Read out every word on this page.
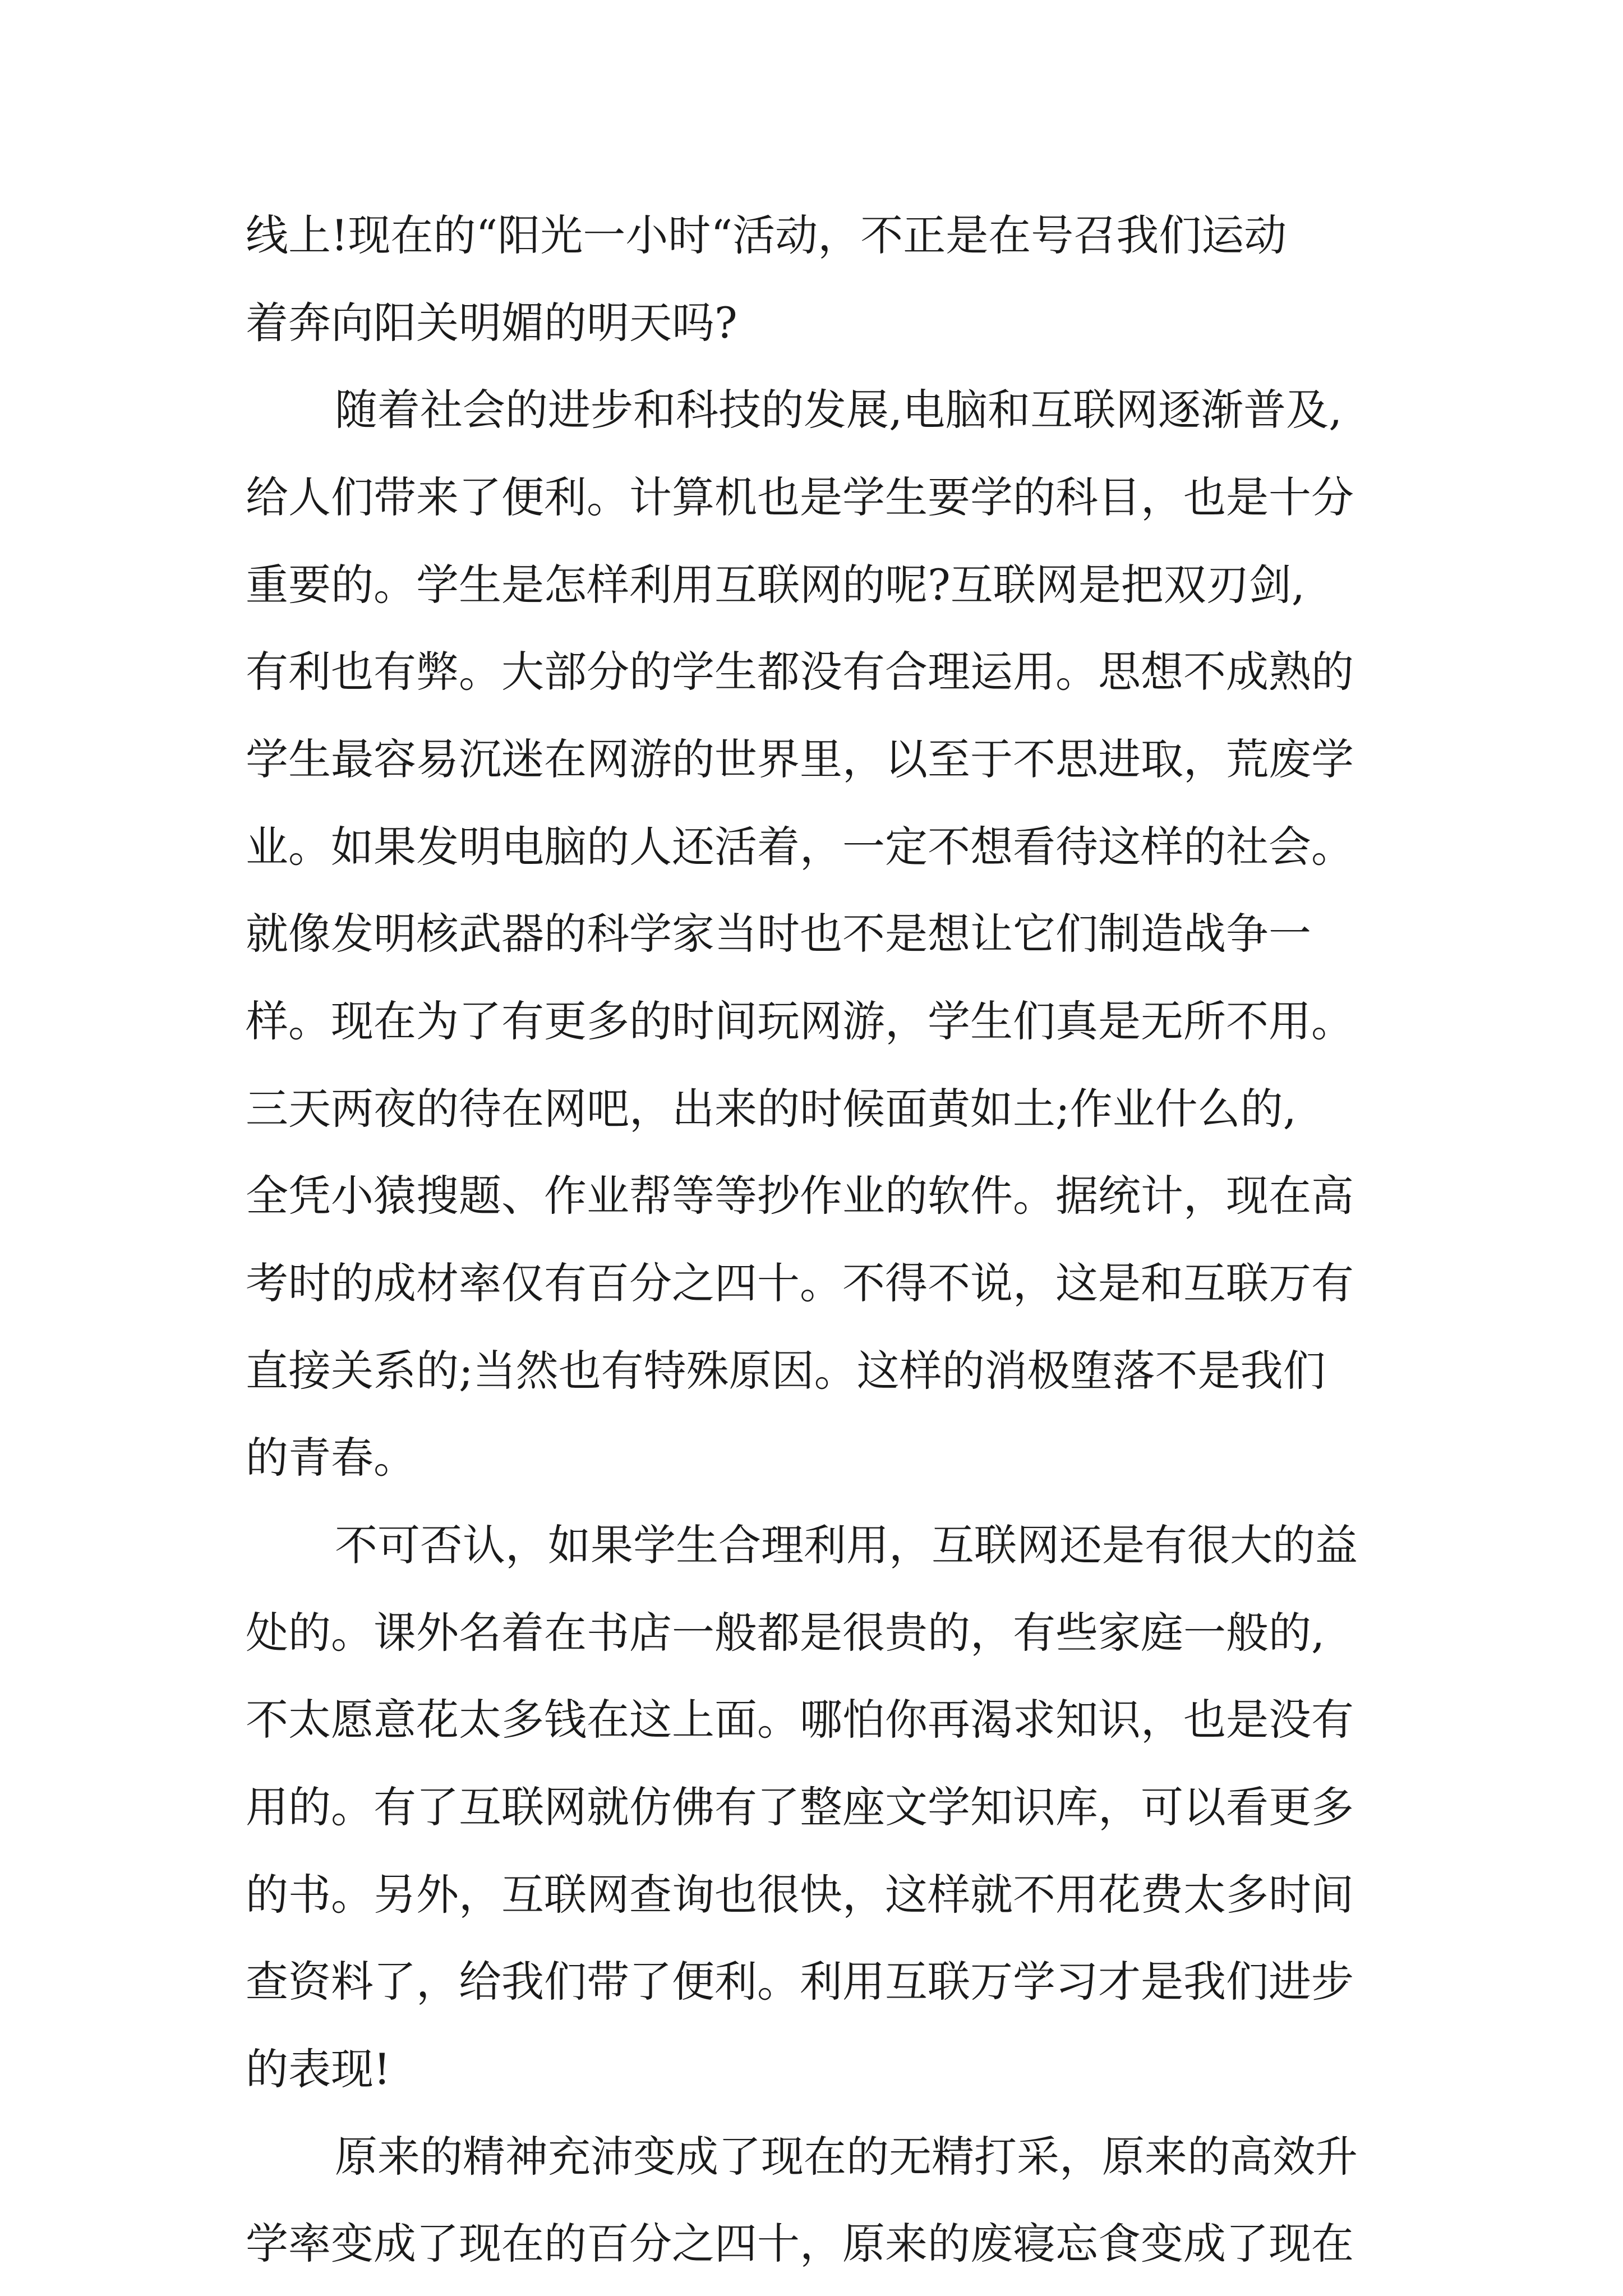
线上!现在的“阳光一小时“活动，不正是在号召我们运动

着奔向阳关明媚的明天吗?

随着社会的进步和科技的发展,电脑和互联网逐渐普及,

给人们带来了便利。计算机也是学生要学的科目，也是十分

重要的。学生是怎样利用互联网的呢?互联网是把双刃剑,

有利也有弊。大部分的学生都没有合理运用。思想不成熟的

学生最容易沉迷在网游的世界里，以至于不思进取，荒废学

业。如果发明电脑的人还活着，一定不想看待这样的社会。

就像发明核武器的科学家当时也不是想让它们制造战争一

样。现在为了有更多的时间玩网游，学生们真是无所不用。

三天两夜的待在网吧，出来的时候面黄如土;作业什么的,

全凭小猿搜题、作业帮等等抄作业的软件。据统计，现在高

考时的成材率仅有百分之四十。不得不说，这是和互联万有

直接关系的;当然也有特殊原因。这样的消极堕落不是我们

的青春。

不可否认，如果学生合理利用，互联网还是有很大的益

处的。课外名着在书店一般都是很贵的，有些家庭一般的,

不太愿意花太多钱在这上面。哪怕你再渴求知识，也是没有

用的。有了互联网就仿佛有了整座文学知识库，可以看更多

的书。另外，互联网查询也很快，这样就不用花费太多时间

查资料了，给我们带了便利。利用互联万学习才是我们进步

的表现!

原来的精神充沛变成了现在的无精打采，原来的高效升

学率变成了现在的百分之四十，原来的废寝忘食变成了现在
